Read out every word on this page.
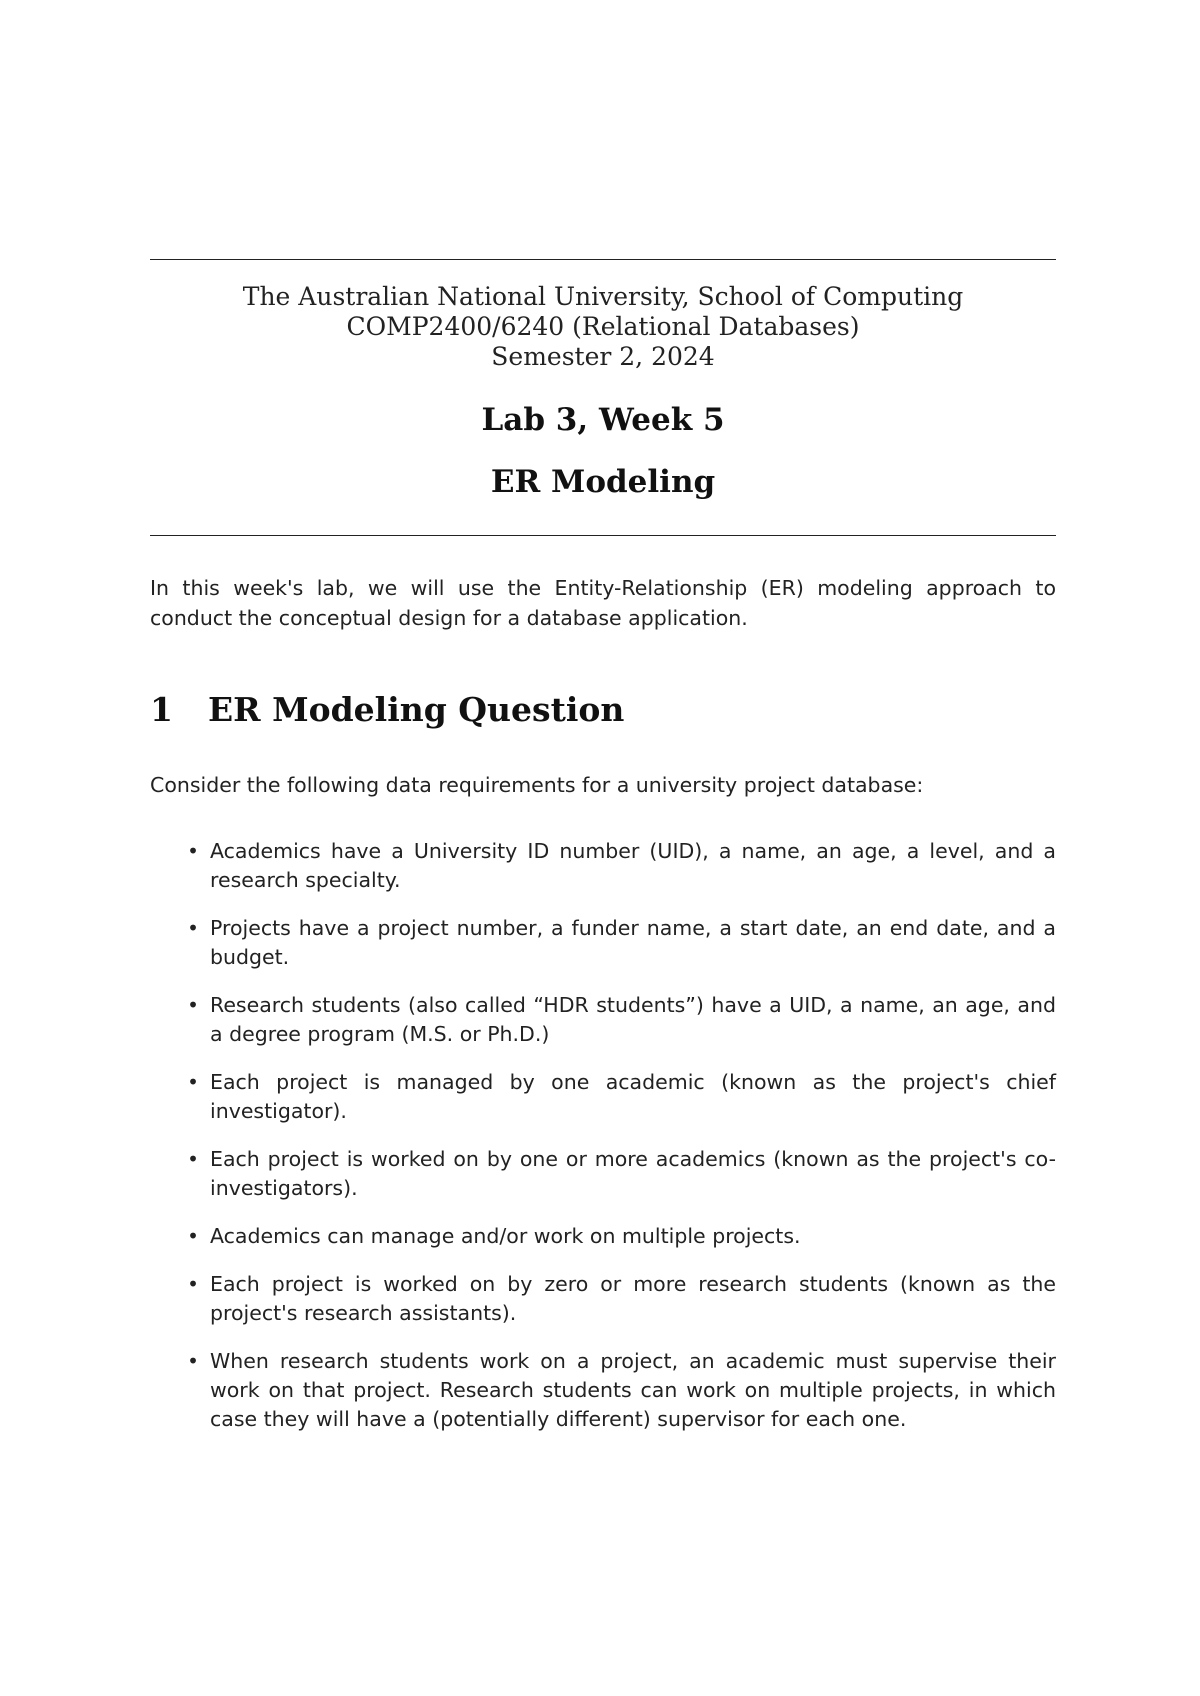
The Australian National University, School of Computing
COMP2400/6240 (Relational Databases)
Semester 2, 2024
Lab 3, Week 5
ER Modeling

In this week's lab, we will use the Entity-Relationship (ER) modeling approach to conduct the conceptual design for a database application.

1 ER Modeling Question

Consider the following data requirements for a university project database:

• Academics have a University ID number (UID), a name, an age, a level, and a research specialty.
• Projects have a project number, a funder name, a start date, an end date, and a budget.
• Research students (also called “HDR students”) have a UID, a name, an age, and a degree program (M.S. or Ph.D.)
• Each project is managed by one academic (known as the project's chief investigator).
• Each project is worked on by one or more academics (known as the project's co-investigators).
• Academics can manage and/or work on multiple projects.
• Each project is worked on by zero or more research students (known as the project's research assistants).
• When research students work on a project, an academic must supervise their work on that project. Research students can work on multiple projects, in which case they will have a (potentially different) supervisor for each one.
